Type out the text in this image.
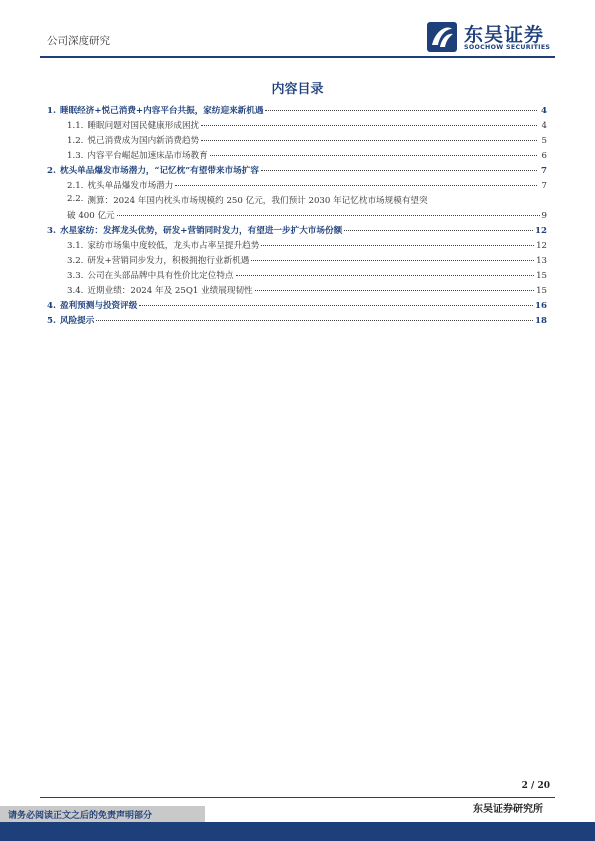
公司深度研究	东吴证券
SOOCHOW SECURITIES
内容目录
1. 睡眠经济+悦己消费+内容平台共振，家纺迎来新机遇	4
1.1. 睡眠问题对国民健康形成困扰	4
1.2. 悦己消费成为国内新消费趋势	5
1.3. 内容平台崛起加速床品市场教育	6
2. 枕头单品爆发市场潜力，“记忆枕”有望带来市场扩容	7
2.1. 枕头单品爆发市场潜力	7
2.2. 测算：2024 年国内枕头市场规模约 250 亿元，我们预计 2030 年记忆枕市场规模有望突
破 400 亿元	9
3. 水星家纺：发挥龙头优势，研发+营销同时发力，有望进一步扩大市场份额	12
3.1. 家纺市场集中度较低，龙头市占率呈提升趋势	12
3.2. 研发+营销同步发力，积极拥抱行业新机遇	13
3.3. 公司在头部品牌中具有性价比定位特点	15
3.4. 近期业绩：2024 年及 25Q1 业绩展现韧性	15
4. 盈利预测与投资评级	16
5. 风险提示	18
2 / 20
东吴证券研究所
请务必阅读正文之后的免责声明部分
